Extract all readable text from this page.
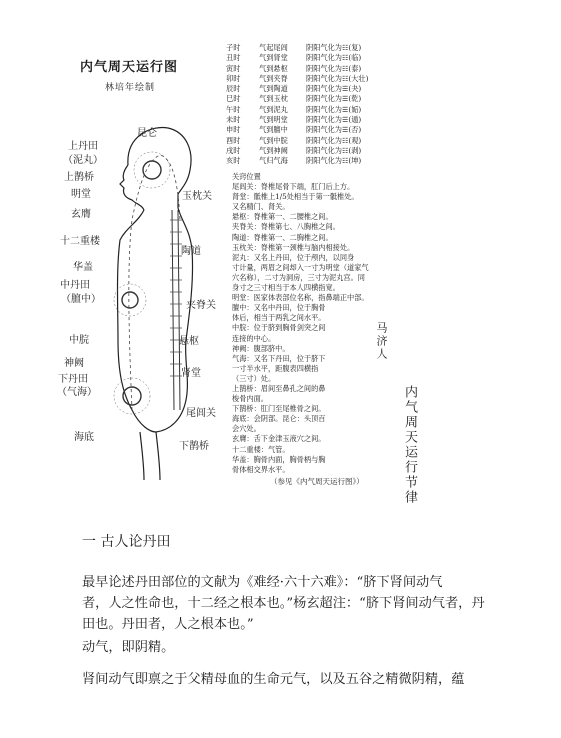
内气周天运行图
林培年绘制
昆仑
上丹田
（泥丸）
上鹊桥
明堂
玄膺
十二重楼
华盖
中丹田
（膻中）
中脘
神阙
下丹田
（气海）
海底
玉枕关
陶道
夹脊关
悬枢
肾堂
尾闾关
下鹊桥
子时	气起尾闾	阴阳气化为☷(复)
丑时	气到肾堂	阴阳气化为☷(临)
寅时	气到悬枢	阴阳气化为☷(泰)
卯时	气到夹脊	阴阳气化为☷(大壮)
辰时	气到陶道	阴阳气化为☰(夬)
巳时	气到玉枕	阴阳气化为☰(乾)
午时	气到泥丸	阴阳气化为☰(姤)
未时	气到明堂	阴阳气化为☰(遁)
申时	气到膻中	阴阳气化为☰(否)
酉时	气到中脘	阴阳气化为☷(观)
戌时	气到神阙	阴阳气化为☷(剥)
亥时	气归气海	阴阳气化为☷(坤)
关窍位置
尾闾关：脊椎尾骨下端，肛门后上方。
肾堂：骶椎上1/5处相当于第一骶椎处。
又名精门、肾关。
悬枢：脊椎第一、二腰椎之间。
夹脊关：脊椎第七、八胸椎之间。
陶道：脊椎第一、二胸椎之间。
玉枕关：脊椎第一颈椎与脑内相接处。
泥丸：又名上丹田，位于颅内，以同身
寸计量，两眉之间却入一寸为明堂（道家气
穴名称），二寸为洞房，三寸为泥丸宫。同
身寸之三寸相当于本人四横指宽。
明堂：医家体表部位名称，指鼻端正中部。
膻中：又名中丹田，位于胸骨
体后，相当于两乳之间水平。
中脘：位于脐到胸骨剑突之间
连接的中心。
神阙：腹部脐中。
气海：又名下丹田，位于脐下
一寸半水平，距腹表四横指
（三寸）处。
上鹊桥：眉间至鼻孔之间的鼻
梭骨内面。
下鹊桥：肛门至尾椎骨之间。
海底：会阴部。昆仑：头顶百
会穴处。
玄膺：舌下金津玉液穴之间。
十二重楼：气管。
华盖：胸骨内面，胸骨柄与胸
骨体相交界水平。
（参见《内气周天运行图》）
马济人
内气周天运行节律
一 古人论丹田
最早论述丹田部位的文献为《难经·六十六难》：“脐下肾间动气
者，人之性命也，十二经之根本也。”杨玄超注：“脐下肾间动气者，丹
田也。丹田者，人之根本也。”
动气，即阴精。
肾间动气即禀之于父精母血的生命元气，以及五谷之精微阴精，蕴
